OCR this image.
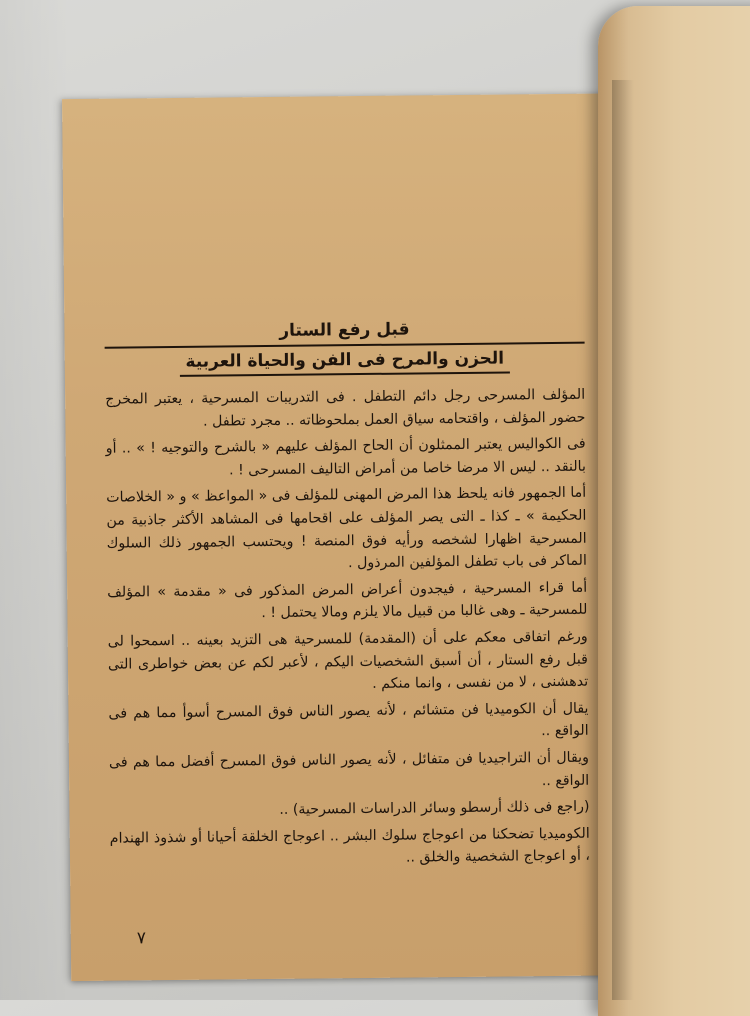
قبل رفع الستار
الحزن والمرح فى الفن والحياة العربية

المؤلف المسرحى رجل دائم التطفل . فى التدريبات المسرحية ، يعتبر المخرج حضور المؤلف ، واقتحامه سياق العمل بملحوظاته .. مجرد تطفل .

فى الكواليس يعتبر الممثلون أن الحاح المؤلف عليهم « بالشرح والتوجيه ! » .. أو بالنقد .. ليس الا مرضا خاصا من أمراض التاليف المسرحى ! .

أما الجمهور فانه يلحظ هذا المرض المهنى للمؤلف فى « المواعظ » و « الخلاصات الحكيمة » ـ كذا ـ التى يصر المؤلف على اقحامها فى المشاهد الأكثر جاذبية من المسرحية اظهارا لشخصه ورأيه فوق المنصة ! ويحتسب الجمهور ذلك السلوك الماكر فى باب تطفل المؤلفين المرذول .

أما قراء المسرحية ، فيجدون أعراض المرض المذكور فى « مقدمة » المؤلف للمسرحية ـ وهى غالبا من قبيل مالا يلزم ومالا يحتمل ! .

ورغم اتفاقى معكم على أن (المقدمة) للمسرحية هى التزيد بعينه .. اسمحوا لى قبل رفع الستار ، أن أسبق الشخصيات اليكم ، لأعبر لكم عن بعض خواطرى التى تدهشنى ، لا من نفسى ، وانما منكم .

يقال أن الكوميديا فن متشائم ، لأنه يصور الناس فوق المسرح أسوأ مما هم فى الواقع ..

ويقال أن التراجيديا فن متفائل ، لأنه يصور الناس فوق المسرح أفضل مما هم فى الواقع ..

(راجع فى ذلك أرسطو وسائر الدراسات المسرحية) ..

الكوميديا تضحكنا من اعوجاج سلوك البشر .. اعوجاج الخلقة أحيانا أو شذوذ الهندام ، أو اعوجاج الشخصية والخلق ..

٧
